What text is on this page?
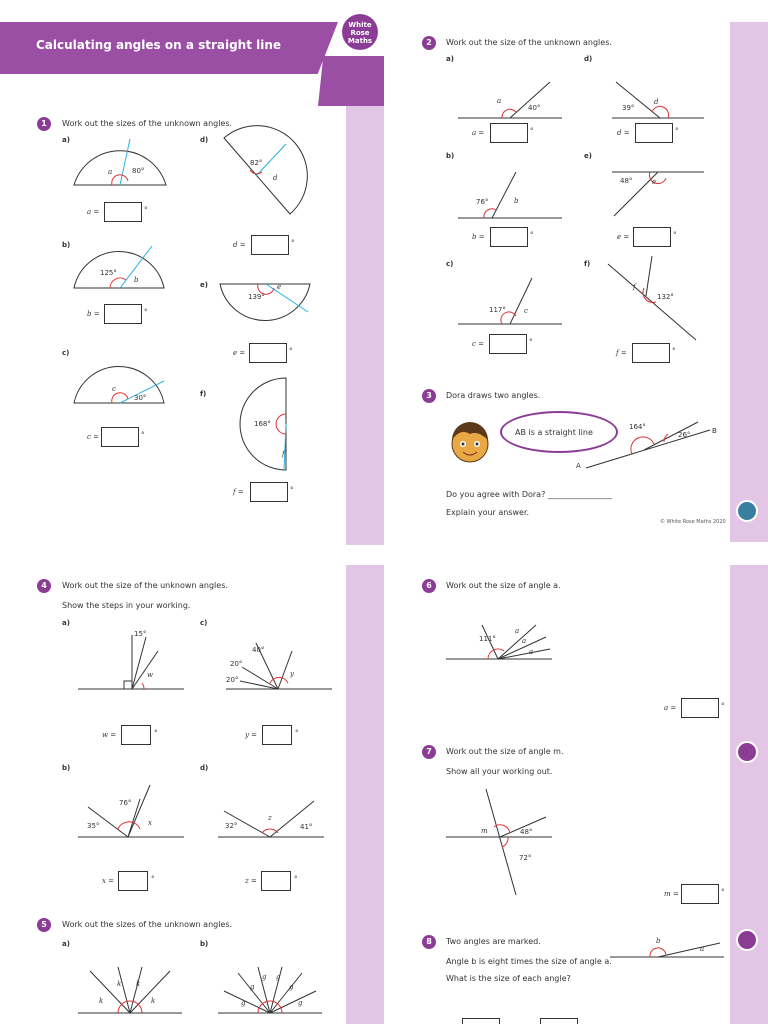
Calculating angles on a straight line
White
Rose
Maths
1	Work out the sizes of the unknown angles.
a)
a	80°
a =	°
b)
125°
b
b =	°
c)
c
30°
c =	°
d)
82°
d
d =	°
e)	e
139°
e =	°
f)
168°
f
f =	°
2	Work out the size of the unknown angles.
a)
a
40°
a =	°
b)
76°	b
b =	°
c)
117°	c
c =	°
d)
39°
d
d =	°
e)
48°	e
e =	°
f)
f
132°
f =	°
3	Dora draws two angles.
AB is a straight line
164°
26°	B
A
Do you agree with Dora? ________________
Explain your answer.
© White Rose Maths 2020
4	Work out the size of the unknown angles.
Show the steps in your working.
a)
15°
w
w =	°
b)
76°
35°	x
x =	°
c)
40°
20°
20°
y
y =	°
d)
32°
z
41°
z =	°
5	Work out the sizes of the unknown angles.
a)
k
k k
k
b)
g
g
g g
g
g
6	Work out the size of angle a.
111°
a
a
a
a =	°
7	Work out the size of angle m.
Show all your working out.
m	48°
72°
m =	°
8	Two angles are marked.
Angle b is eight times the size of angle a.
What is the size of each angle?
b
a
